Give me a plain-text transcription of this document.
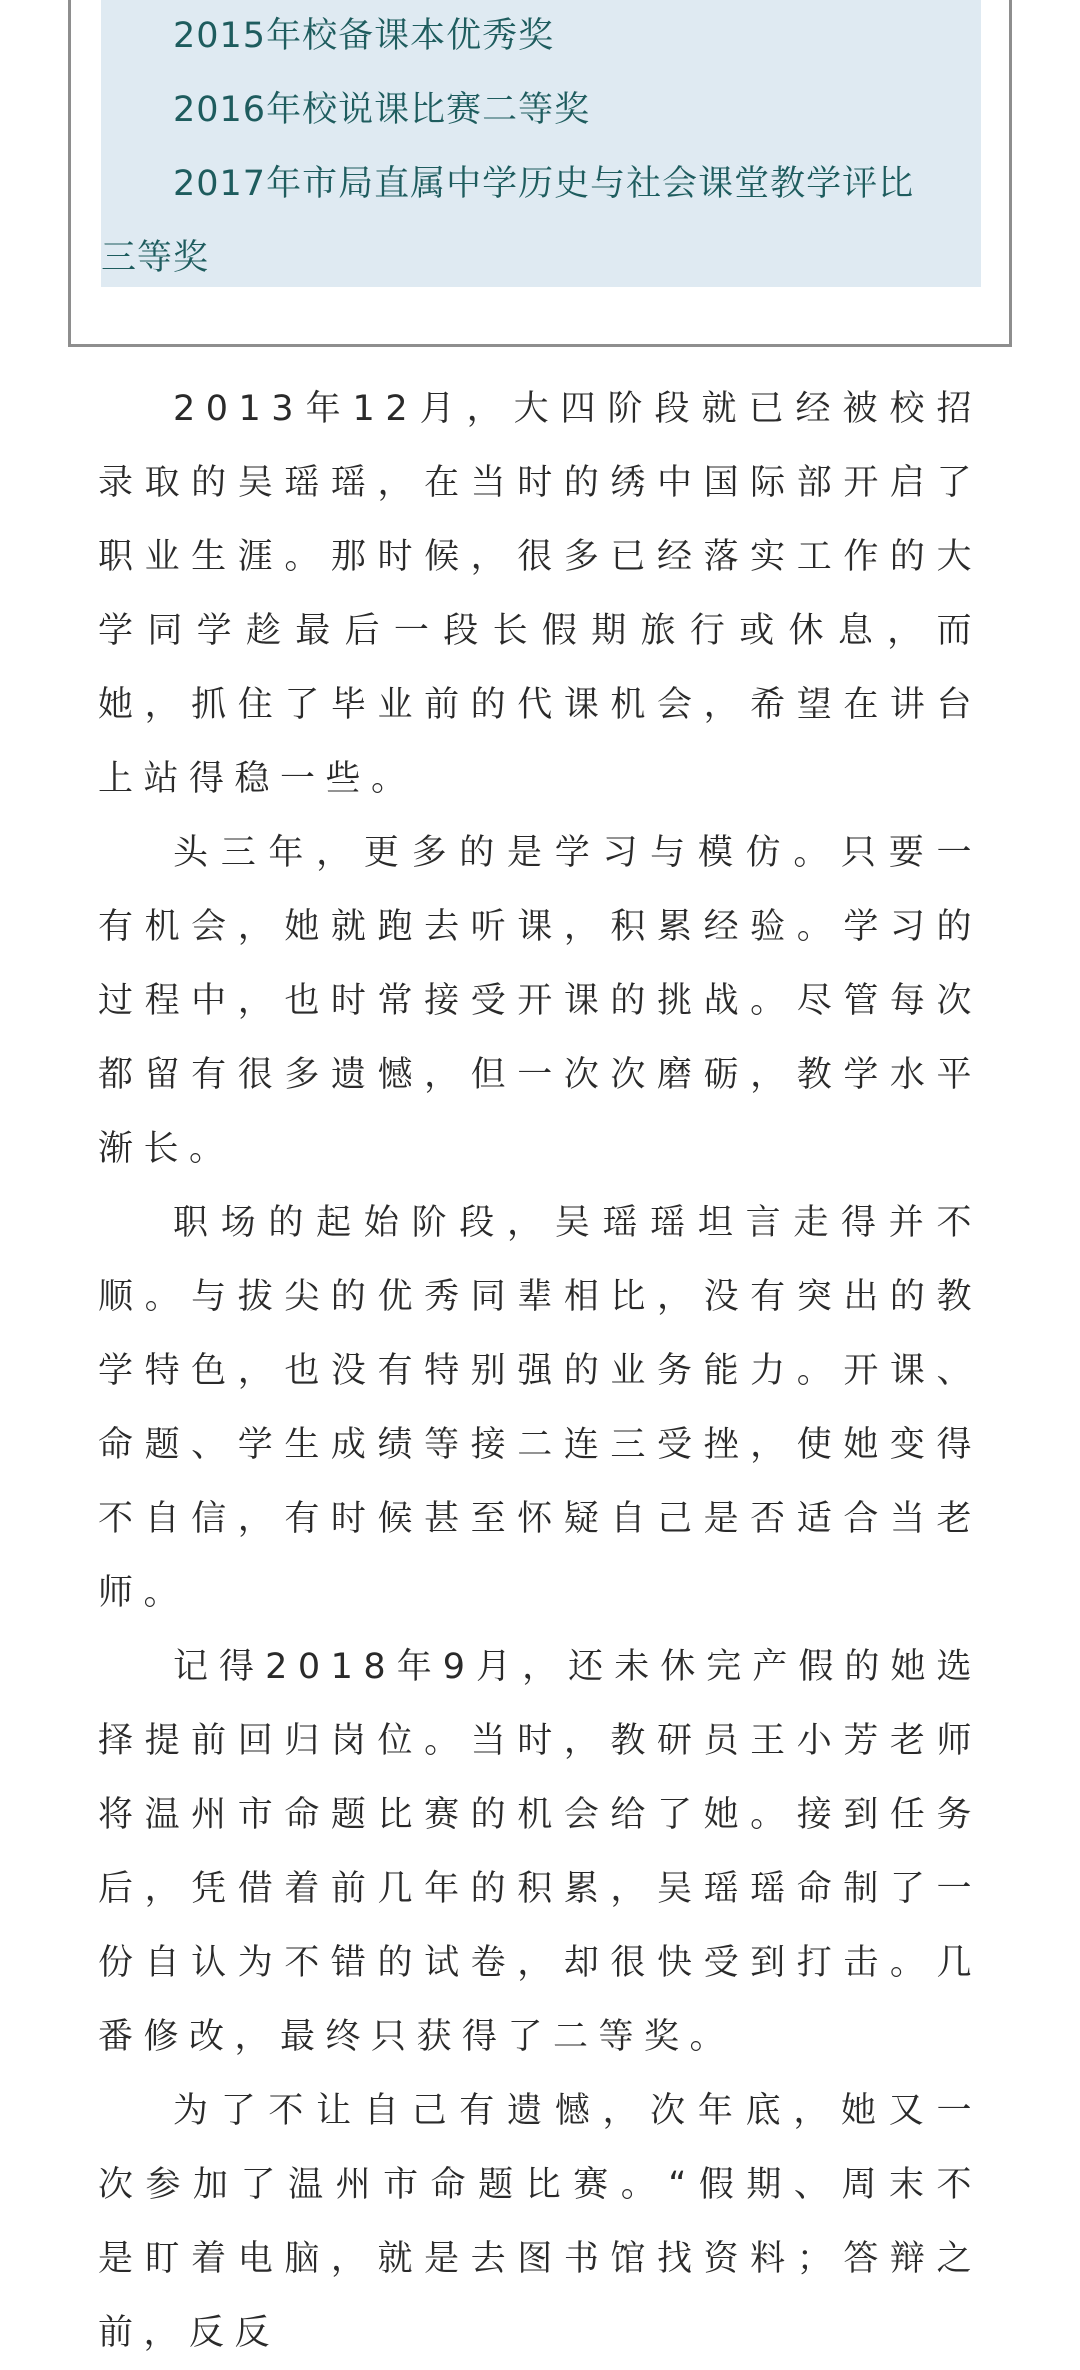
2015年校备课本优秀奖
2016年校说课比赛二等奖
2017年市局直属中学历史与社会课堂教学评比
三等奖

2013年12月，大四阶段就已经被校招录取的吴瑶瑶，在当时的绣中国际部开启了职业生涯。那时候，很多已经落实工作的大学同学趁最后一段长假期旅行或休息，而她，抓住了毕业前的代课机会，希望在讲台上站得稳一些。

头三年，更多的是学习与模仿。只要一有机会，她就跑去听课，积累经验。学习的过程中，也时常接受开课的挑战。尽管每次都留有很多遗憾，但一次次磨砺，教学水平渐长。

职场的起始阶段，吴瑶瑶坦言走得并不顺。与拔尖的优秀同辈相比，没有突出的教学特色，也没有特别强的业务能力。开课、命题、学生成绩等接二连三受挫，使她变得不自信，有时候甚至怀疑自己是否适合当老师。

记得2018年9月，还未休完产假的她选择提前回归岗位。当时，教研员王小芳老师将温州市命题比赛的机会给了她。接到任务后，凭借着前几年的积累，吴瑶瑶命制了一份自认为不错的试卷，却很快受到打击。几番修改，最终只获得了二等奖。

为了不让自己有遗憾，次年底，她又一次参加了温州市命题比赛。“假期、周末不是盯着电脑，就是去图书馆找资料；答辩之前，反反
